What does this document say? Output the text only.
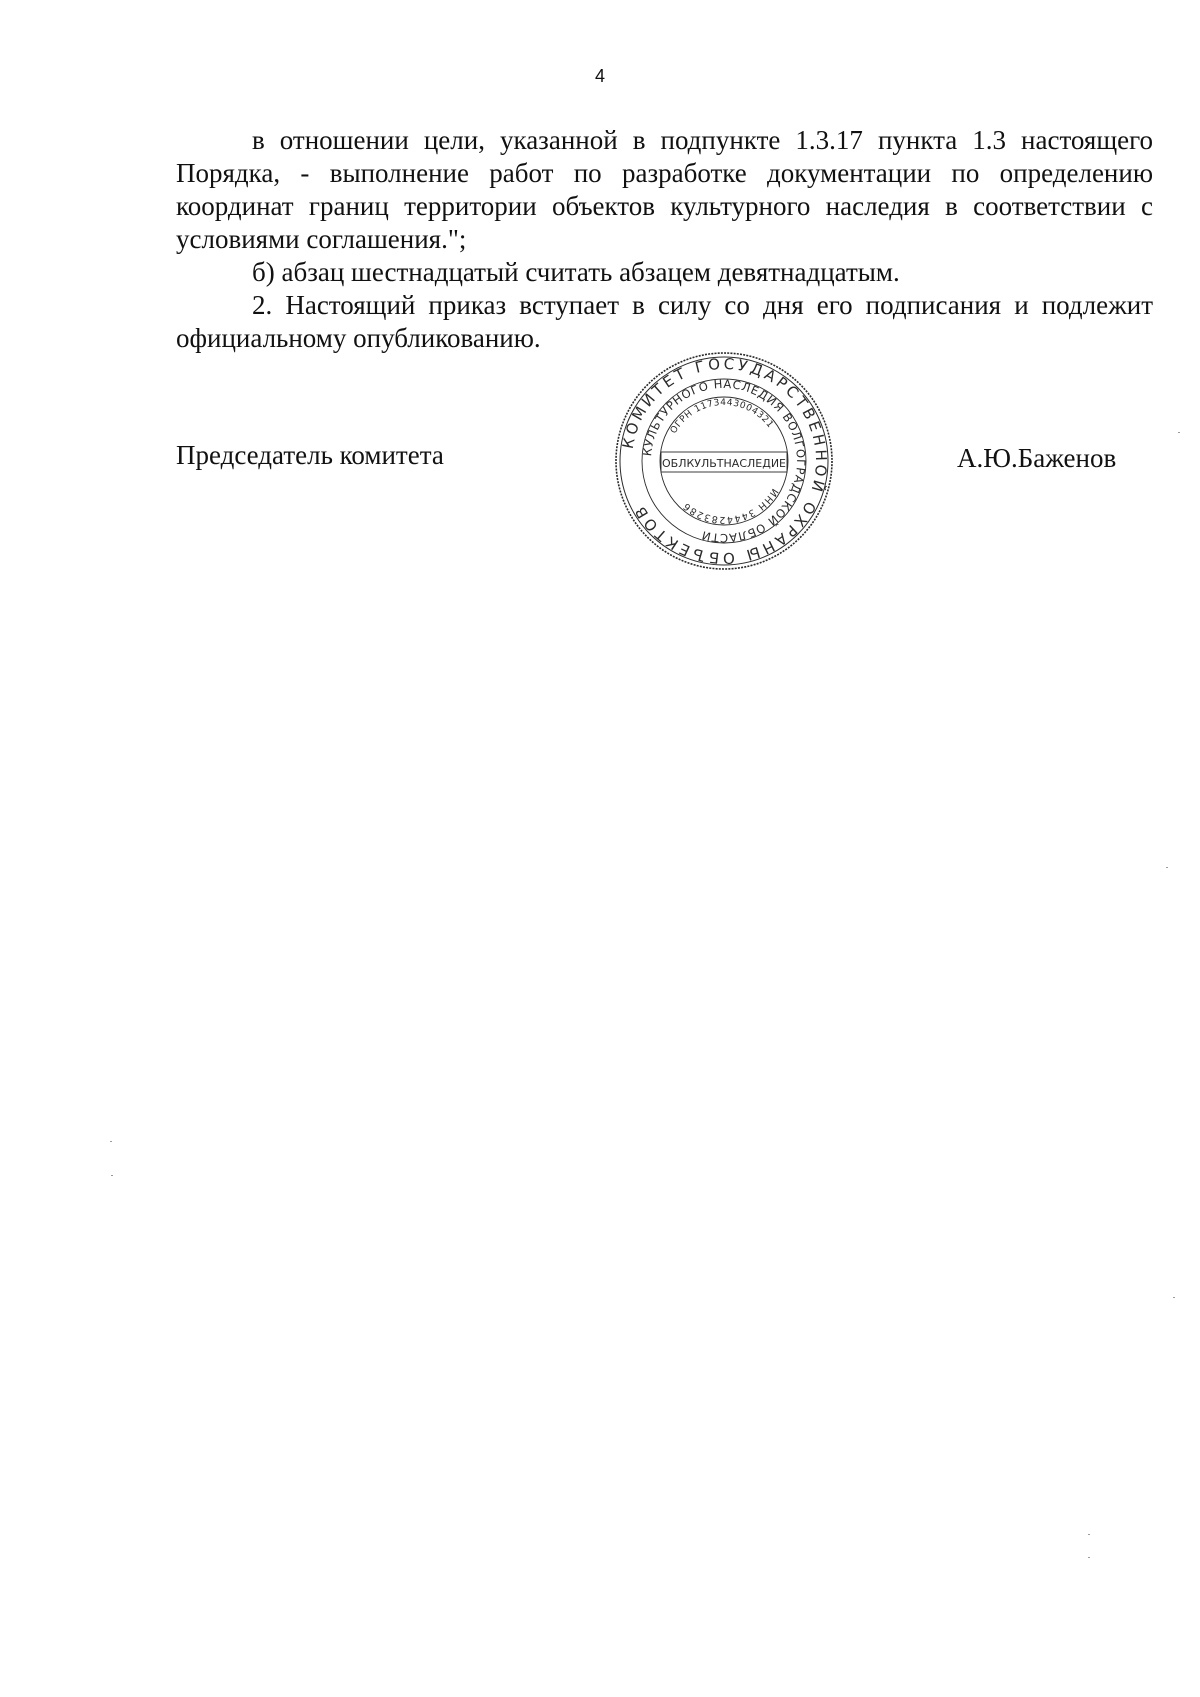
4

в отношении цели, указанной в подпункте 1.3.17 пункта 1.3 настоящего Порядка, - выполнение работ по разработке документации по определению координат границ территории объектов культурного наследия в соответствии с условиями соглашения.";

б) абзац шестнадцатый считать абзацем девятнадцатым.

2. Настоящий приказ вступает в силу со дня его подписания и подлежит официальному опубликованию.

Председатель комитета	КОМИТЕТ ГОСУДАРСТВЕННОЙ ОХРАНЫ ОБЪЕКТОВ
КУЛЬТУРНОГО НАСЛЕДИЯ ВОЛГОГРАДСКОЙ ОБЛАСТИ
ИНН 3444283286
ОГРН 1173443004321
ОБЛКУЛЬТНАСЛЕДИЕ	А.Ю.Баженов
